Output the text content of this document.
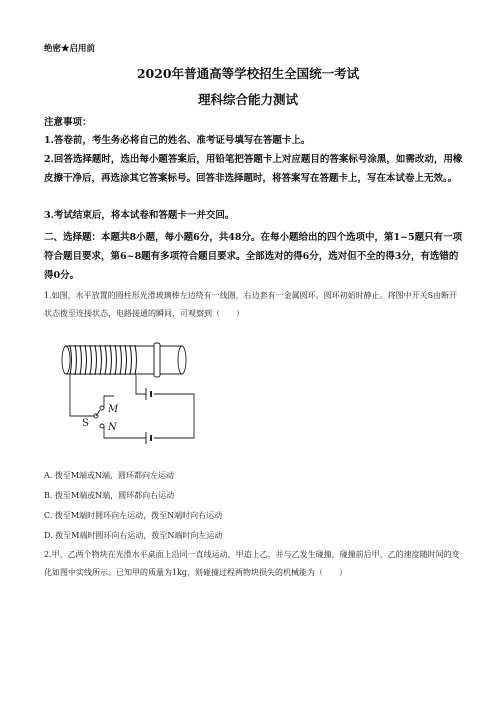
绝密★启用前
2020年普通高等学校招生全国统一考试
理科综合能力测试
注意事项：
1.答卷前，考生务必将自己的姓名、准考证号填写在答题卡上。
2.回答选择题时，选出每小题答案后，用铅笔把答题卡上对应题目的答案标号涂黑，如需改动，用橡皮擦干净后，再选涂其它答案标号。回答非选择题时，将答案写在答题卡上，写在本试卷上无效。。
3.考试结束后，将本试卷和答题卡一并交回。
二、选择题：本题共8小题，每小题6分，共48分。在每小题给出的四个选项中，第1~5题只有一项符合题目要求，第6~8题有多项符合题目要求。全部选对的得6分，选对但不全的得3分，有选错的得0分。
1.如图，水平放置的圆柱形光滑玻璃棒左边绕有一线圈，右边套有一金属圆环。圆环初始时静止。将图中开关S由断开状态拨至连接状态，电路接通的瞬间，可观察到（　　）
M
N
S
A. 拨至M端或N端，圆环都向左运动
B. 拨至M端或N端，圆环都向右运动
C. 拨至M端时圆环向左运动，拨至N端时向右运动
D. 拨至M端时圆环向右运动，拨至N端时向左运动
2.甲、乙两个物块在光滑水平桌面上沿同一直线运动，甲追上乙，并与乙发生碰撞，碰撞前后甲、乙的速度随时间的变化如图中实线所示。已知甲的质量为1kg，则碰撞过程两物块损失的机械能为（　　）
